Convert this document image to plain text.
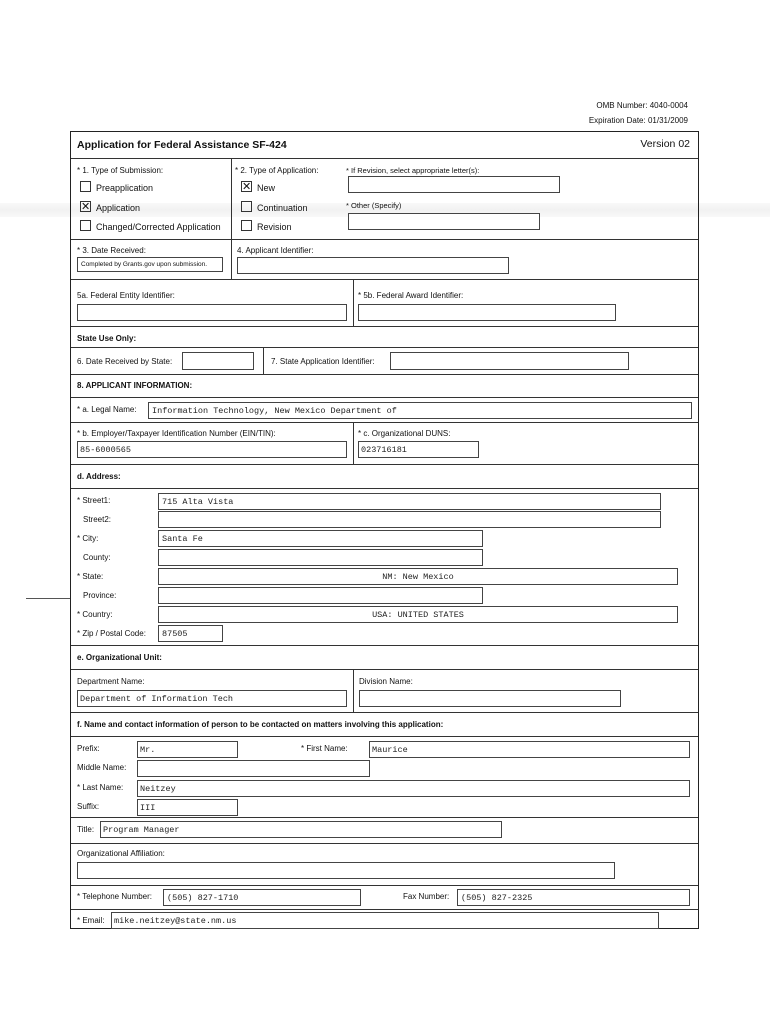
OMB Number: 4040-0004
Expiration Date: 01/31/2009
Application for Federal Assistance SF-424	Version 02
* 1. Type of Submission:
Preapplication
✕ Application
Changed/Corrected Application
* 2. Type of Application:
✕ New
Continuation
Revision
* If Revision, select appropriate letter(s):
* Other (Specify)
* 3. Date Received:
Completed by Grants.gov upon submission.
4. Applicant Identifier:
5a. Federal Entity Identifier:	* 5b. Federal Award Identifier:
State Use Only:
6. Date Received by State:	7. State Application Identifier:
8. APPLICANT INFORMATION:
* a. Legal Name: Information Technology, New Mexico Department of
* b. Employer/Taxpayer Identification Number (EIN/TIN):
85-6000565
* c. Organizational DUNS:
023716181
d. Address:
* Street1:	715 Alta Vista
Street2:
* City:	Santa Fe
County:
* State:	NM: New Mexico
Province:
* Country:	USA: UNITED STATES
* Zip / Postal Code: 87505
e. Organizational Unit:
Department Name:
Department of Information Tech
Division Name:
f. Name and contact information of person to be contacted on matters involving this application:
Prefix:	Mr.	* First Name:	Maurice
Middle Name:
* Last Name: Neitzey
Suffix:	III
Title: Program Manager
Organizational Affiliation:
* Telephone Number: (505) 827-1710	Fax Number: (505) 827-2325
* Email: mike.neitzey@state.nm.us
